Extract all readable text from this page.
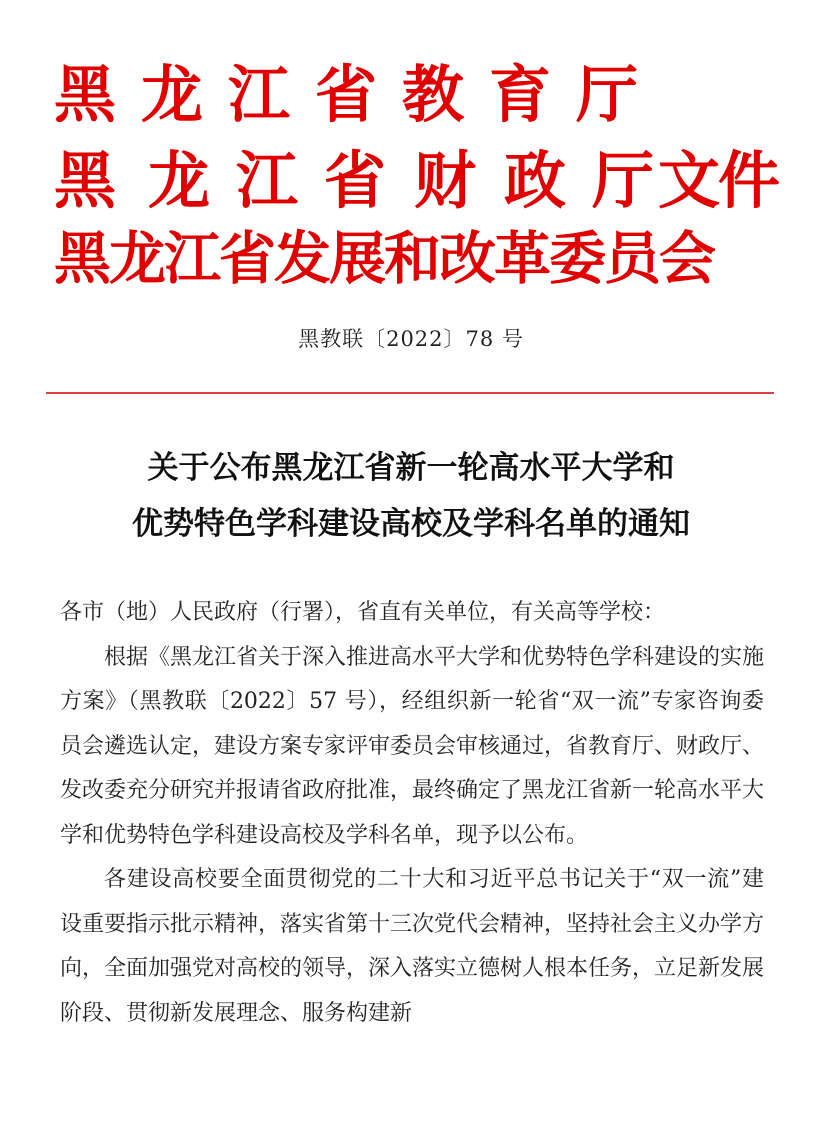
黑龙江省教育厅
黑 龙 江 省 财 政 厅文件
黑龙江省发展和改革委员会
黑教联〔2022〕78 号
关于公布黑龙江省新一轮高水平大学和
优势特色学科建设高校及学科名单的通知

各市（地）人民政府（行署），省直有关单位，有关高等学校：

根据《黑龙江省关于深入推进高水平大学和优势特色学科建设的实施方案》（黑教联〔2022〕57 号），经组织新一轮省“双一流”专家咨询委员会遴选认定，建设方案专家评审委员会审核通过，省教育厅、财政厅、发改委充分研究并报请省政府批准，最终确定了黑龙江省新一轮高水平大学和优势特色学科建设高校及学科名单，现予以公布。

各建设高校要全面贯彻党的二十大和习近平总书记关于“双一流”建设重要指示批示精神，落实省第十三次党代会精神，坚持社会主义办学方向，全面加强党对高校的领导，深入落实立德树人根本任务，立足新发展阶段、贯彻新发展理念、服务构建新
